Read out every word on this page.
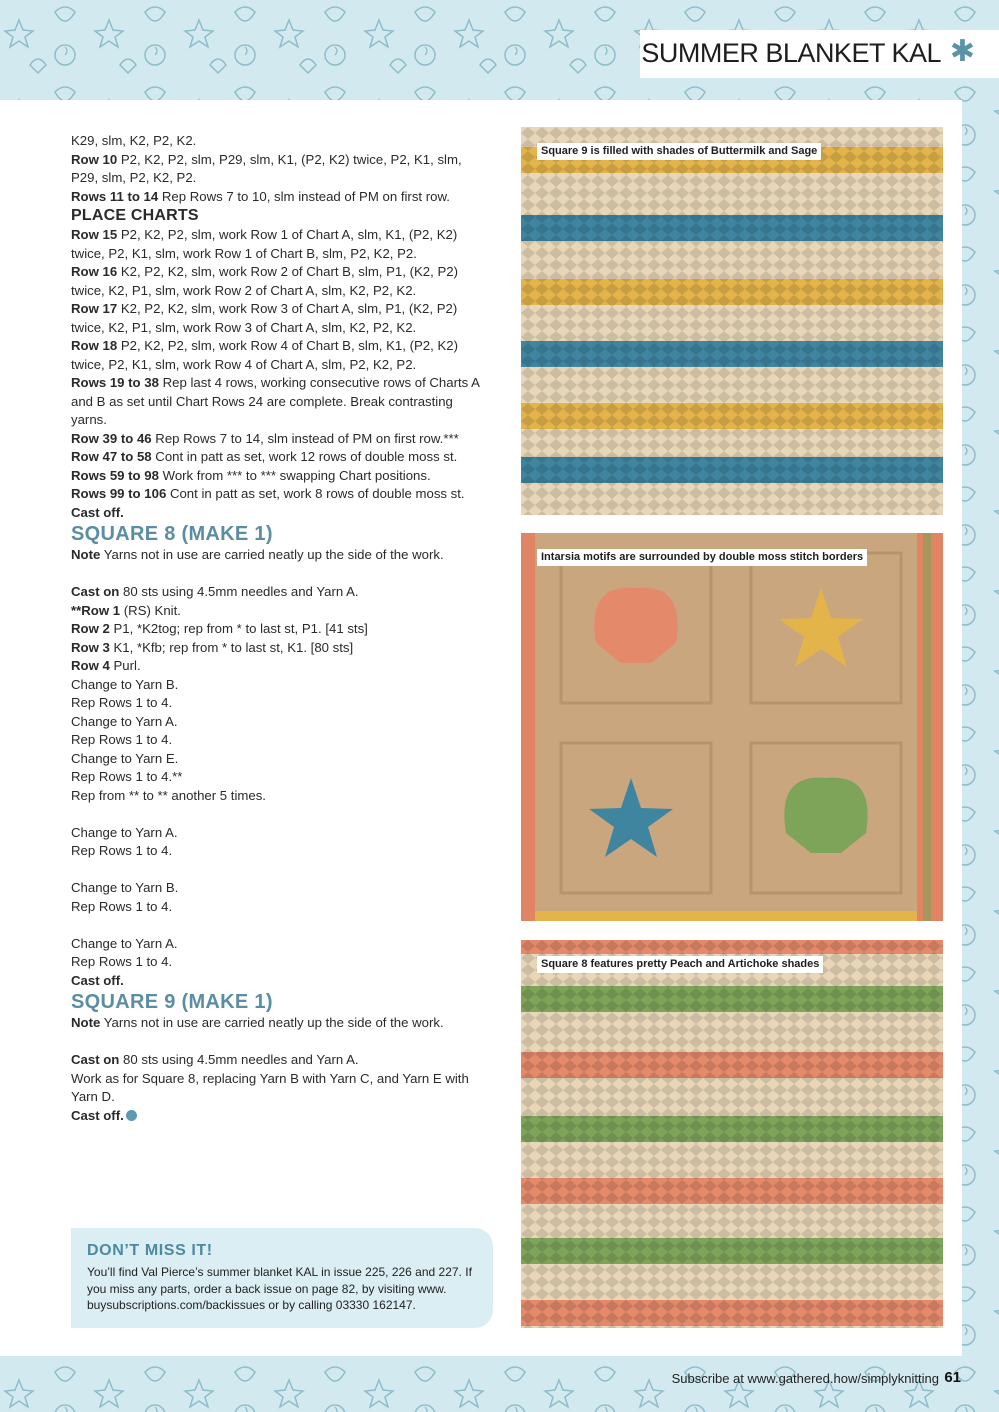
SUMMER BLANKET KAL ✱

K29, slm, K2, P2, K2.

Row 10 P2, K2, P2, slm, P29, slm, K1, (P2, K2) twice, P2, K1, slm, P29, slm, P2, K2, P2.

Rows 11 to 14 Rep Rows 7 to 10, slm instead of PM on first row.

PLACE CHARTS

Row 15 P2, K2, P2, slm, work Row 1 of Chart A, slm, K1, (P2, K2) twice, P2, K1, slm, work Row 1 of Chart B, slm, P2, K2, P2.

Row 16 K2, P2, K2, slm, work Row 2 of Chart B, slm, P1, (K2, P2) twice, K2, P1, slm, work Row 2 of Chart A, slm, K2, P2, K2.

Row 17 K2, P2, K2, slm, work Row 3 of Chart A, slm, P1, (K2, P2) twice, K2, P1, slm, work Row 3 of Chart A, slm, K2, P2, K2.

Row 18 P2, K2, P2, slm, work Row 4 of Chart B, slm, K1, (P2, K2) twice, P2, K1, slm, work Row 4 of Chart A, slm, P2, K2, P2.

Rows 19 to 38 Rep last 4 rows, working consecutive rows of Charts A and B as set until Chart Rows 24 are complete. Break contrasting yarns.

Row 39 to 46 Rep Rows 7 to 14, slm instead of PM on first row.***

Row 47 to 58 Cont in patt as set, work 12 rows of double moss st.

Rows 59 to 98 Work from *** to *** swapping Chart positions.

Rows 99 to 106 Cont in patt as set, work 8 rows of double moss st.

Cast off.

SQUARE 8 (MAKE 1)

Note Yarns not in use are carried neatly up the side of the work.

Cast on 80 sts using 4.5mm needles and Yarn A.

**Row 1 (RS) Knit.

Row 2 P1, *K2tog; rep from * to last st, P1. [41 sts]

Row 3 K1, *Kfb; rep from * to last st, K1. [80 sts]

Row 4 Purl.

Change to Yarn B.

Rep Rows 1 to 4.

Change to Yarn A.

Rep Rows 1 to 4.

Change to Yarn E.

Rep Rows 1 to 4.**

Rep from ** to ** another 5 times.

Change to Yarn A.

Rep Rows 1 to 4.

Change to Yarn B.

Rep Rows 1 to 4.

Change to Yarn A.

Rep Rows 1 to 4.

Cast off.

SQUARE 9 (MAKE 1)

Note Yarns not in use are carried neatly up the side of the work.

Cast on 80 sts using 4.5mm needles and Yarn A.

Work as for Square 8, replacing Yarn B with Yarn C, and Yarn E with Yarn D.

Cast off.

DON’T MISS IT!
You’ll find Val Pierce’s summer blanket KAL in issue 225, 226 and 227. If you miss any parts, order a back issue on page 82, by visiting www. buysubscriptions.com/backissues or by calling 03330 162147.
Square 9 is filled with shades of Buttermilk and Sage
Intarsia motifs are surrounded by double moss stitch borders
Square 8 features pretty Peach and Artichoke shades
Subscribe at www.gathered.how/simplyknitting 61
